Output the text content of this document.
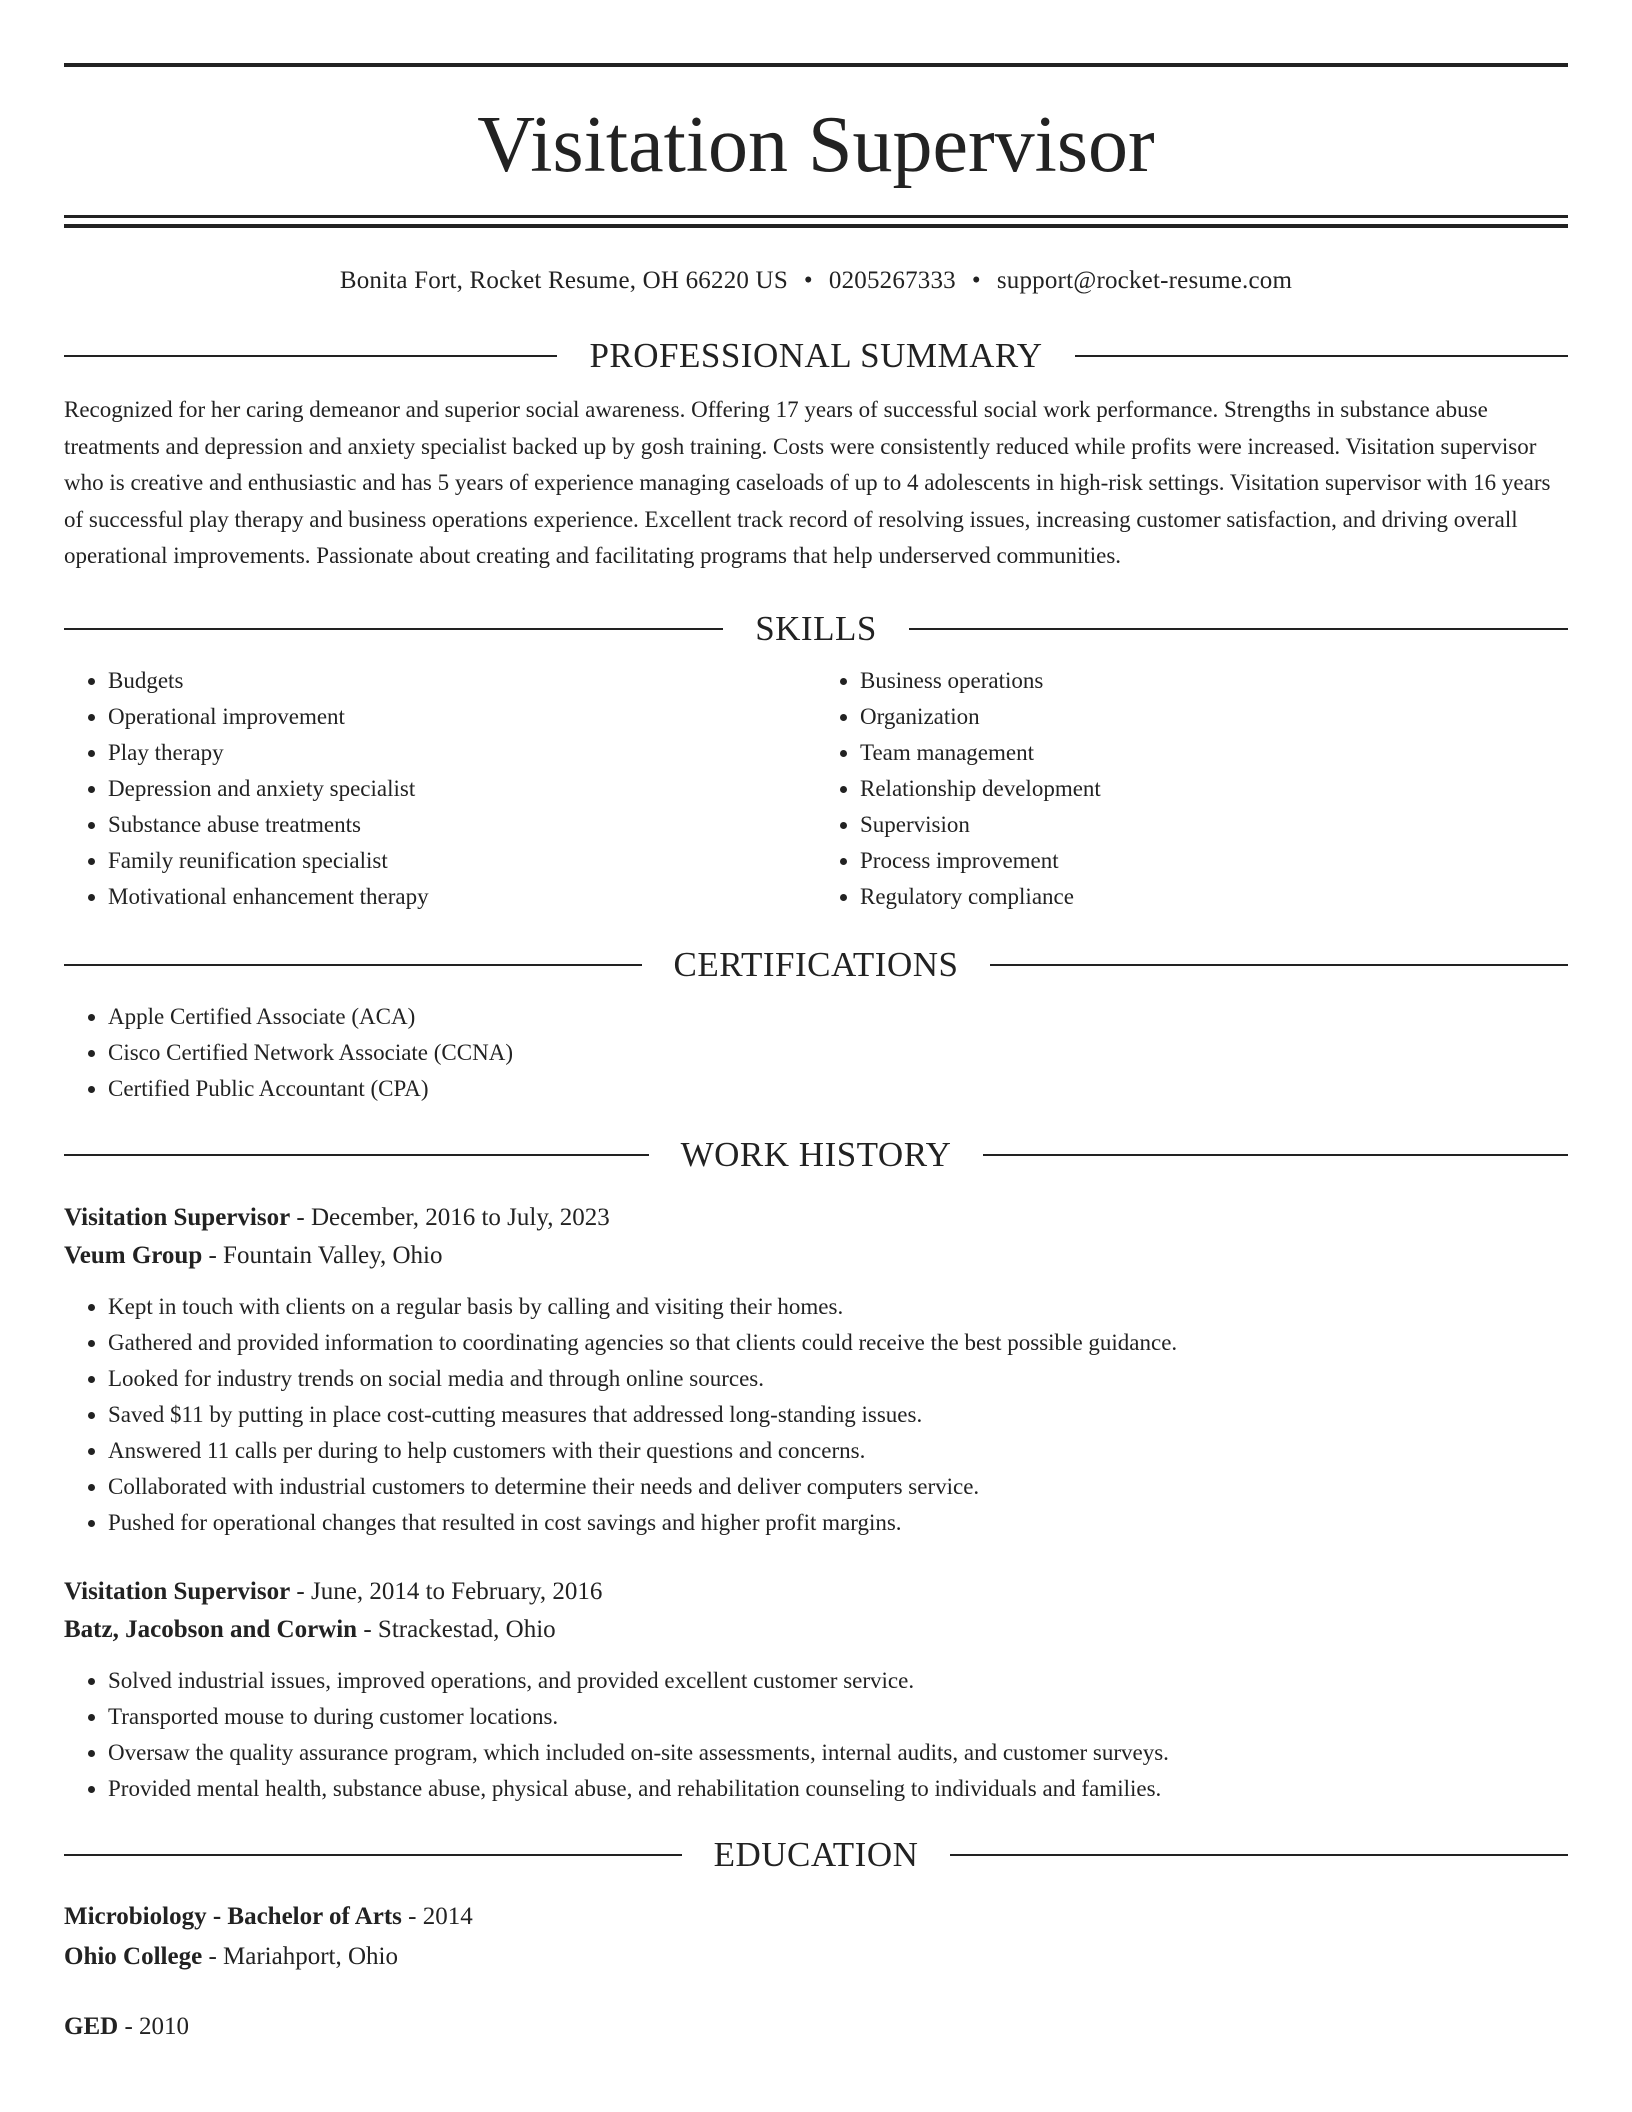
Visitation Supervisor
Bonita Fort, Rocket Resume, OH 66220 US • 0205267333 • support@rocket-resume.com
PROFESSIONAL SUMMARY

Recognized for her caring demeanor and superior social awareness. Offering 17 years of successful social work performance. Strengths in substance abuse treatments and depression and anxiety specialist backed up by gosh training. Costs were consistently reduced while profits were increased. Visitation supervisor who is creative and enthusiastic and has 5 years of experience managing caseloads of up to 4 adolescents in high-risk settings. Visitation supervisor with 16 years of successful play therapy and business operations experience. Excellent track record of resolving issues, increasing customer satisfaction, and driving overall operational improvements. Passionate about creating and facilitating programs that help underserved communities.

SKILLS
• Budgets
• Operational improvement
• Play therapy
• Depression and anxiety specialist
• Substance abuse treatments
• Family reunification specialist
• Motivational enhancement therapy
• Business operations
• Organization
• Team management
• Relationship development
• Supervision
• Process improvement
• Regulatory compliance
CERTIFICATIONS
• Apple Certified Associate (ACA)
• Cisco Certified Network Associate (CCNA)
• Certified Public Accountant (CPA)
WORK HISTORY
Visitation Supervisor - December, 2016 to July, 2023
Veum Group - Fountain Valley, Ohio
• Kept in touch with clients on a regular basis by calling and visiting their homes.
• Gathered and provided information to coordinating agencies so that clients could receive the best possible guidance.
• Looked for industry trends on social media and through online sources.
• Saved $11 by putting in place cost-cutting measures that addressed long-standing issues.
• Answered 11 calls per during to help customers with their questions and concerns.
• Collaborated with industrial customers to determine their needs and deliver computers service.
• Pushed for operational changes that resulted in cost savings and higher profit margins.
Visitation Supervisor - June, 2014 to February, 2016
Batz, Jacobson and Corwin - Strackestad, Ohio
• Solved industrial issues, improved operations, and provided excellent customer service.
• Transported mouse to during customer locations.
• Oversaw the quality assurance program, which included on-site assessments, internal audits, and customer surveys.
• Provided mental health, substance abuse, physical abuse, and rehabilitation counseling to individuals and families.
EDUCATION
Microbiology - Bachelor of Arts - 2014
Ohio College - Mariahport, Ohio
GED - 2010
